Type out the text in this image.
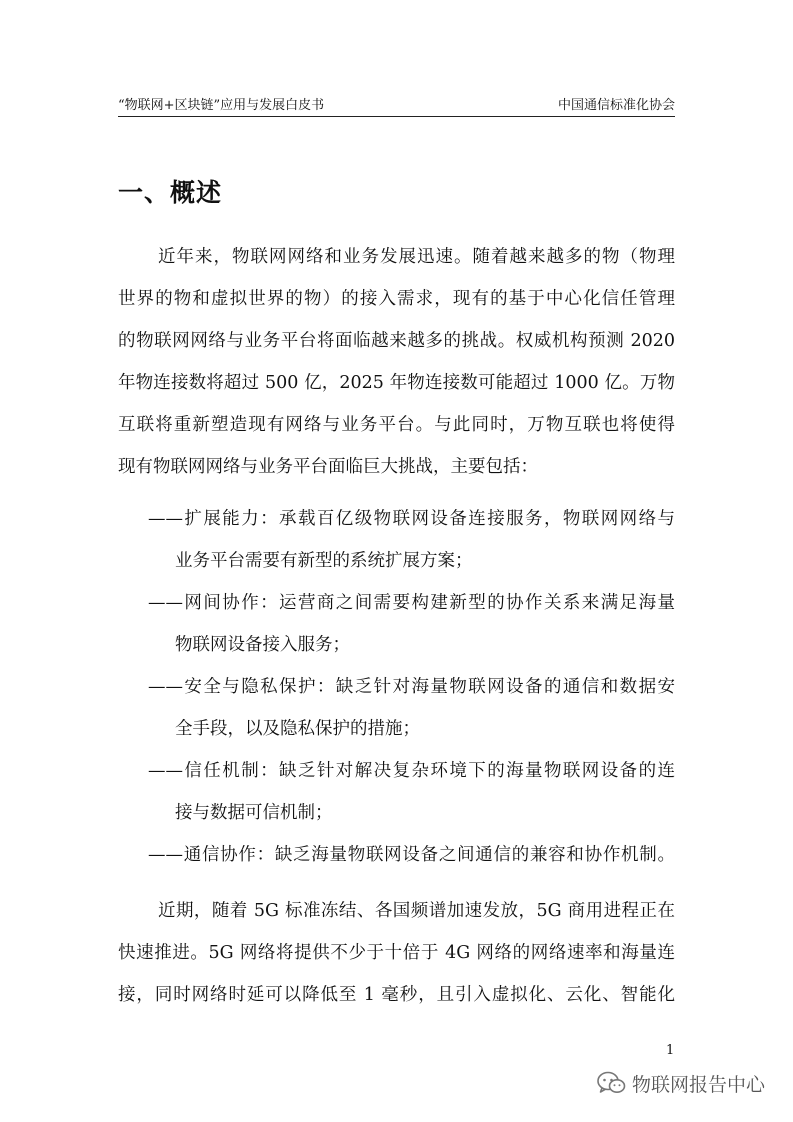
“物联网+区块链”应用与发展白皮书	中国通信标准化协会
一、概述
近年来，物联网网络和业务发展迅速。随着越来越多的物（物理
世界的物和虚拟世界的物）的接入需求，现有的基于中心化信任管理
的物联网网络与业务平台将面临越来越多的挑战。权威机构预测 2020
年物连接数将超过 500 亿，2025 年物连接数可能超过 1000 亿。万物
互联将重新塑造现有网络与业务平台。与此同时，万物互联也将使得
现有物联网网络与业务平台面临巨大挑战，主要包括：
——扩展能力：承载百亿级物联网设备连接服务，物联网网络与
业务平台需要有新型的系统扩展方案；
——网间协作：运营商之间需要构建新型的协作关系来满足海量
物联网设备接入服务；
——安全与隐私保护：缺乏针对海量物联网设备的通信和数据安
全手段，以及隐私保护的措施；
——信任机制：缺乏针对解决复杂环境下的海量物联网设备的连
接与数据可信机制；
——通信协作：缺乏海量物联网设备之间通信的兼容和协作机制。
近期，随着 5G 标准冻结、各国频谱加速发放，5G 商用进程正在
快速推进。5G 网络将提供不少于十倍于 4G 网络的网络速率和海量连
接，同时网络时延可以降低至 1 毫秒，且引入虚拟化、云化、智能化
1
物联网报告中心
